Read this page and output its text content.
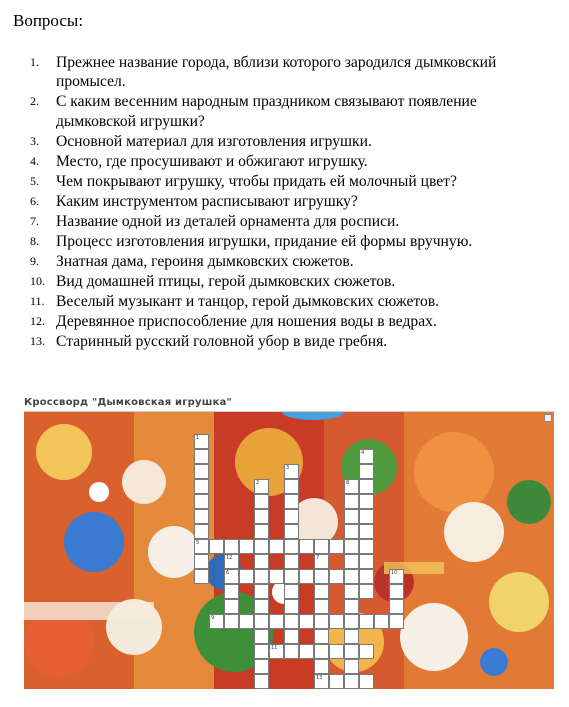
Вопросы:
1.	Прежнее название города, вблизи которого зародился дымковский промысел.
2.	С каким весенним народным праздником связывают появление дымковской игрушки?
3.	Основной материал для изготовления игрушки.
4.	Место, где просушивают и обжигают игрушку.
5.	Чем покрывают игрушку, чтобы придать ей молочный цвет?
6.	Каким инструментом расписывают игрушку?
7.	Название одной из деталей орнамента для росписи.
8.	Процесс изготовления игрушки, придание ей формы вручную.
9.	Знатная дама, героиня дымковских сюжетов.
10. Вид домашней птицы, герой дымковских сюжетов.
11. Веселый музыкант и танцор, герой дымковских сюжетов.
12. Деревянное приспособление для ношения воды в ведрах.
13. Старинный русский головной убор в виде гребня.
Кроссворд "Дымковская игрушка"
1
5
2
3
8
4
10
6
9
11
7
13
12
